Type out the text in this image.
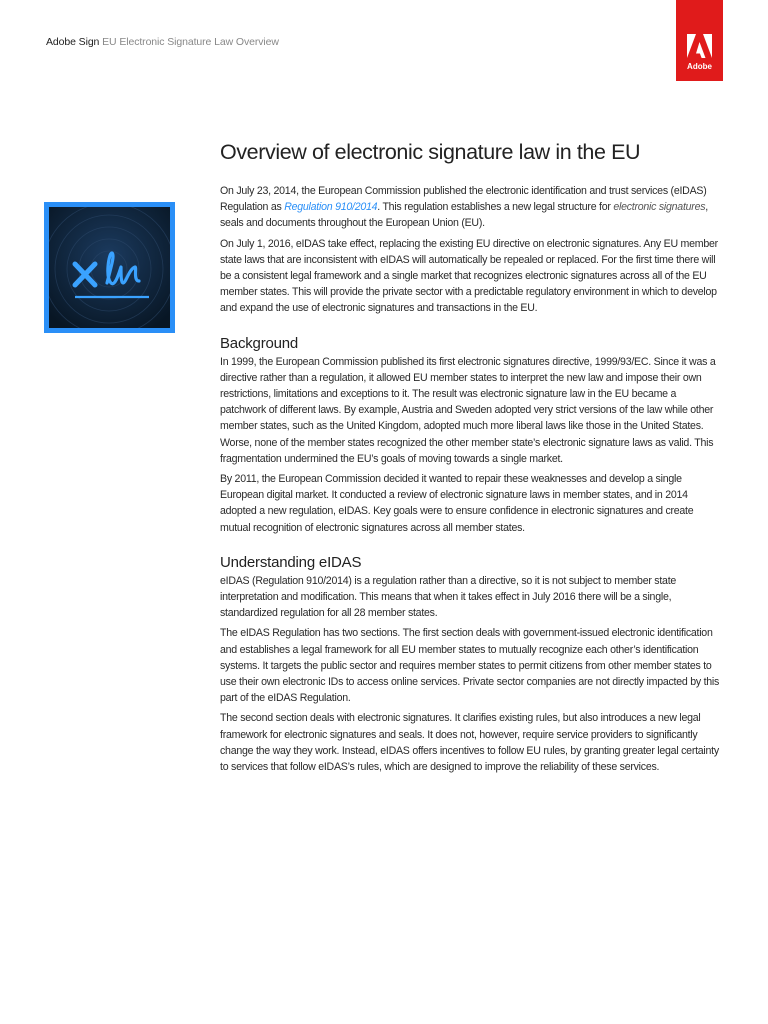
Adobe Sign EU Electronic Signature Law Overview
Adobe
Overview of electronic signature law in the EU

On July 23, 2014, the European Commission published the electronic identification and trust services (eIDAS) Regulation as Regulation 910/2014. This regulation establishes a new legal structure for electronic signatures, seals and documents throughout the European Union (EU).

On July 1, 2016, eIDAS take effect, replacing the existing EU directive on electronic signatures. Any EU member state laws that are inconsistent with eIDAS will automatically be repealed or replaced. For the first time there will be a consistent legal framework and a single market that recognizes electronic signatures across all of the EU member states. This will provide the private sector with a predictable regulatory environment in which to develop and expand the use of electronic signatures and transactions in the EU.

Background

In 1999, the European Commission published its first electronic signatures directive, 1999/93/EC. Since it was a directive rather than a regulation, it allowed EU member states to interpret the new law and impose their own restrictions, limitations and exceptions to it. The result was electronic signature law in the EU became a patchwork of different laws. By example, Austria and Sweden adopted very strict versions of the law while other member states, such as the United Kingdom, adopted much more liberal laws like those in the United States. Worse, none of the member states recognized the other member state’s electronic signature laws as valid. This fragmentation undermined the EU’s goals of moving towards a single market.

By 2011, the European Commission decided it wanted to repair these weaknesses and develop a single European digital market. It conducted a review of electronic signature laws in member states, and in 2014 adopted a new regulation, eIDAS. Key goals were to ensure confidence in electronic signatures and create mutual recognition of electronic signatures across all member states.

Understanding eIDAS

eIDAS (Regulation 910/2014) is a regulation rather than a directive, so it is not subject to member state interpretation and modification. This means that when it takes effect in July 2016 there will be a single, standardized regulation for all 28 member states.

The eIDAS Regulation has two sections. The first section deals with government-issued electronic identification and establishes a legal framework for all EU member states to mutually recognize each other’s identification systems. It targets the public sector and requires member states to permit citizens from other member states to use their own electronic IDs to access online services. Private sector companies are not directly impacted by this part of the eIDAS Regulation.

The second section deals with electronic signatures. It clarifies existing rules, but also introduces a new legal framework for electronic signatures and seals. It does not, however, require service providers to significantly change the way they work. Instead, eIDAS offers incentives to follow EU rules, by granting greater legal certainty to services that follow eIDAS’s rules, which are designed to improve the reliability of these services.
